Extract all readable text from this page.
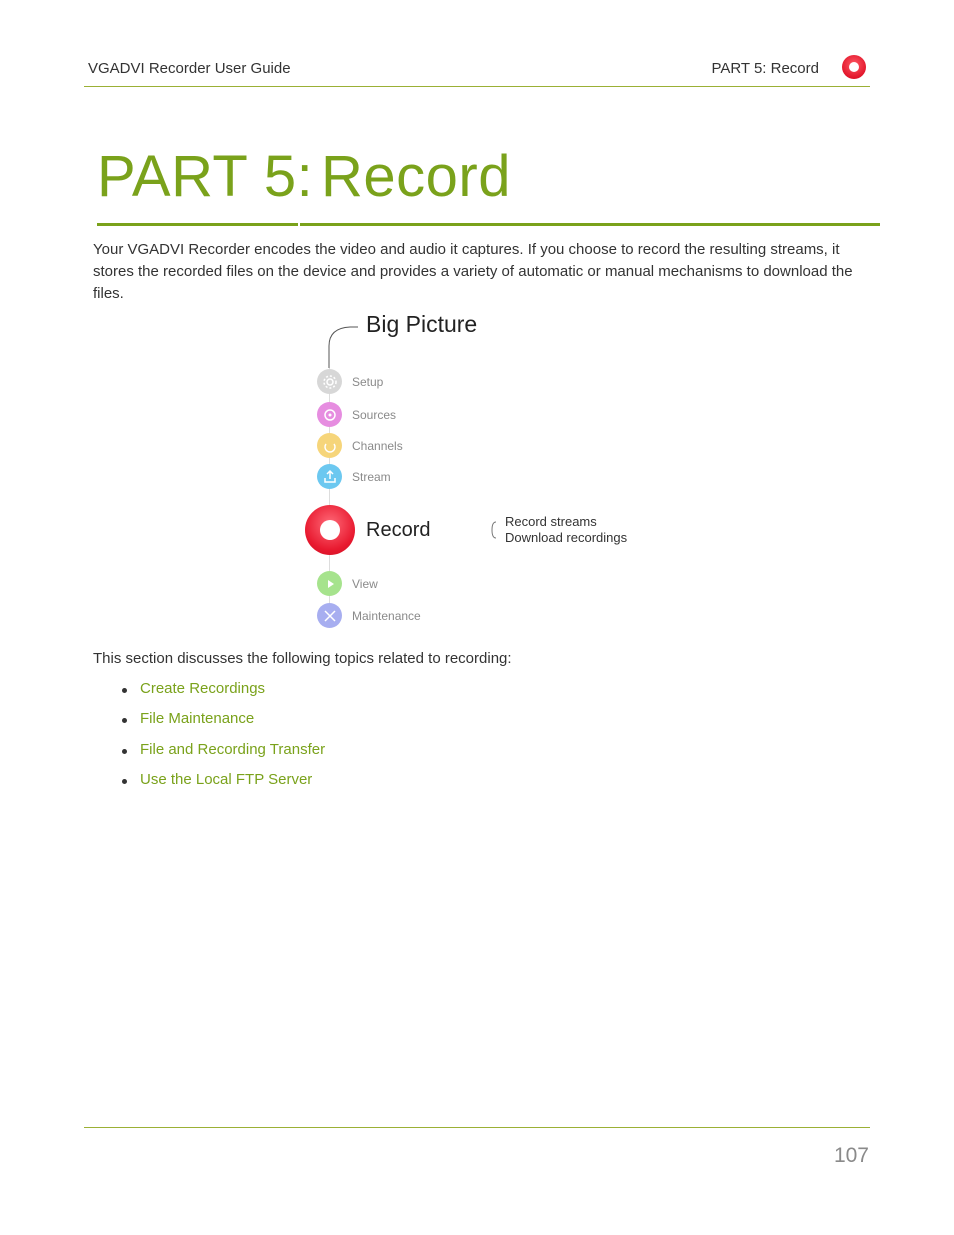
VGADVI Recorder User Guide	PART 5: Record
PART 5: Record

Your VGADVI Recorder encodes the video and audio it captures. If you choose to record the resulting streams, it stores the recorded files on the device and provides a variety of automatic or manual mechanisms to download the files.

Big Picture
Setup
Sources
Channels
Stream
Record	Record streams
Download recordings
View
Maintenance

This section discusses the following topics related to recording:

Create Recordings
File Maintenance
File and Recording Transfer
Use the Local FTP Server
107
